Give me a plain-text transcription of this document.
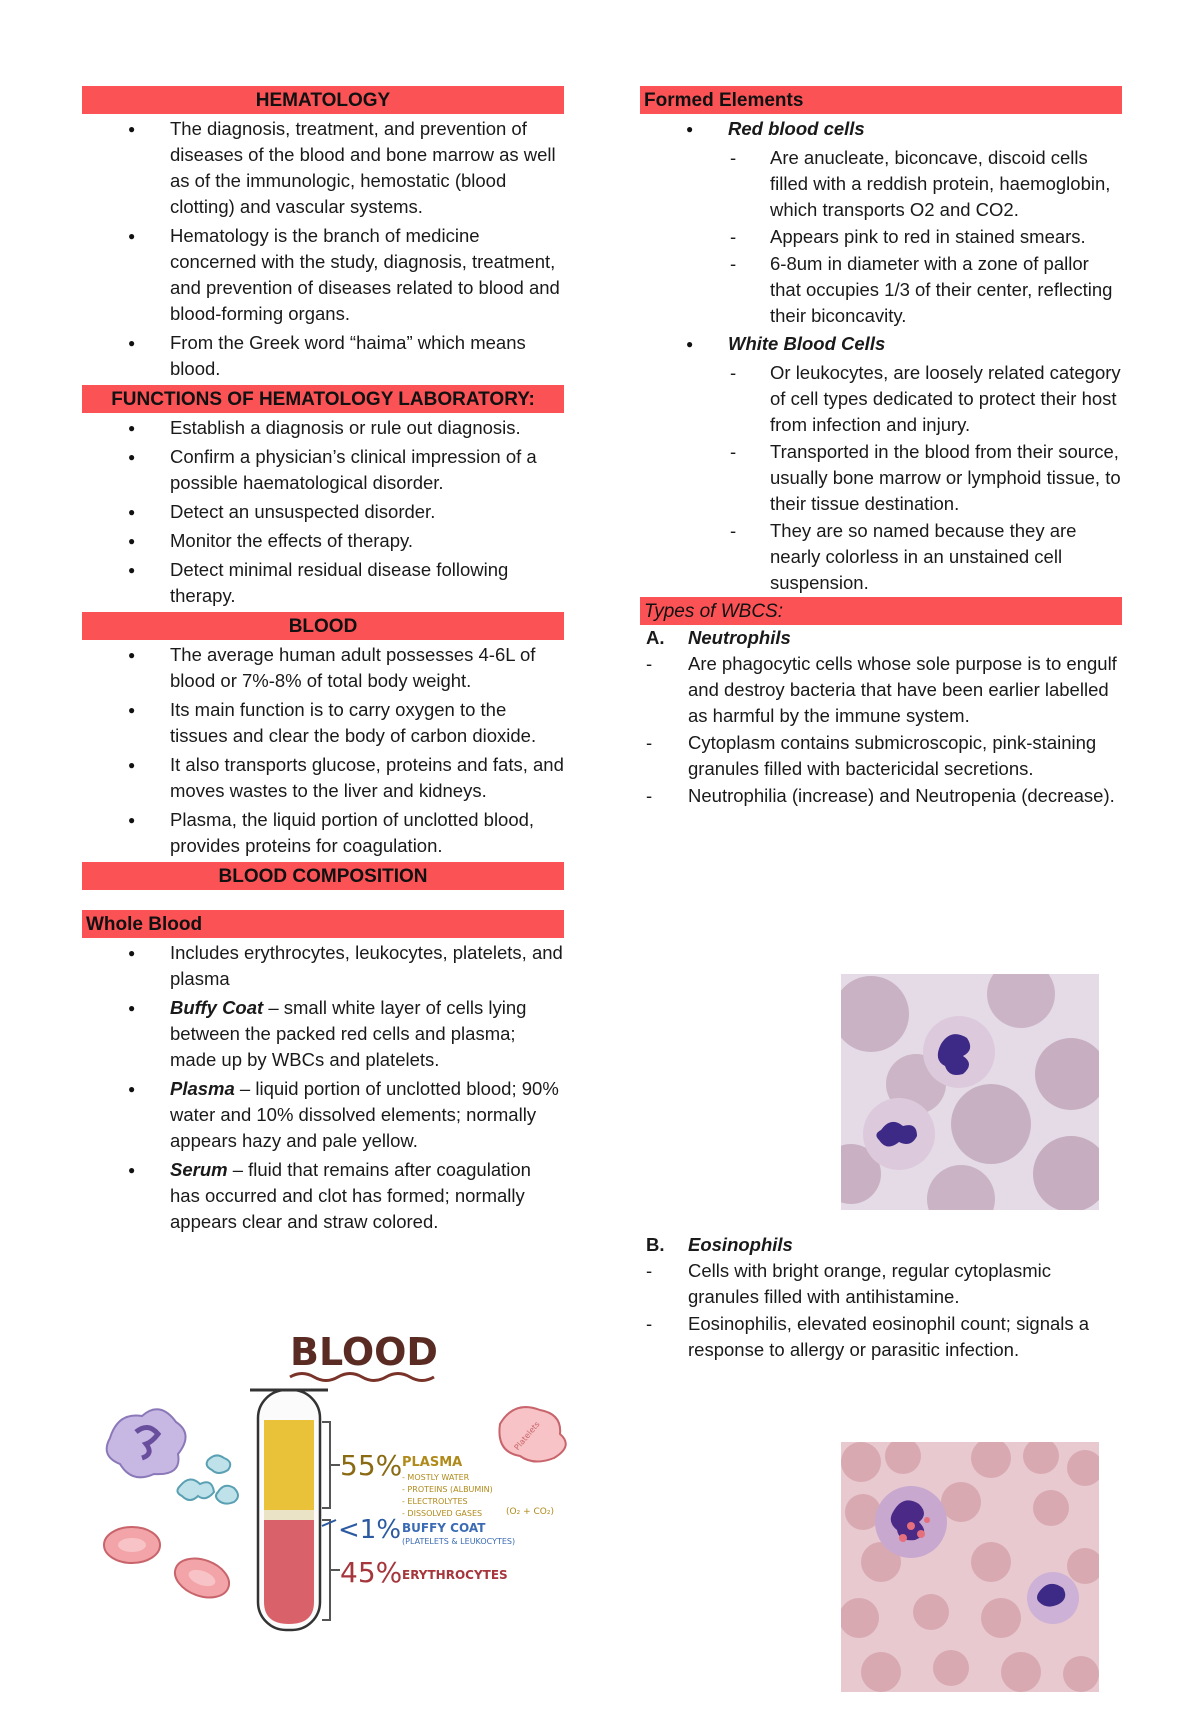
HEMATOLOGY
● The diagnosis, treatment, and prevention of diseases of the blood and bone marrow as well as of the immunologic, hemostatic (blood clotting) and vascular systems.
● Hematology is the branch of medicine concerned with the study, diagnosis, treatment, and prevention of diseases related to blood and blood-forming organs.
● From the Greek word “haima” which means blood.
FUNCTIONS OF HEMATOLOGY LABORATORY:
● Establish a diagnosis or rule out diagnosis.
● Confirm a physician’s clinical impression of a possible haematological disorder.
● Detect an unsuspected disorder.
● Monitor the effects of therapy.
● Detect minimal residual disease following therapy.
BLOOD
● The average human adult possesses 4-6L of blood or 7%-8% of total body weight.
● Its main function is to carry oxygen to the tissues and clear the body of carbon dioxide.
● It also transports glucose, proteins and fats, and moves wastes to the liver and kidneys.
● Plasma, the liquid portion of unclotted blood, provides proteins for coagulation.
BLOOD COMPOSITION
Whole Blood
● Includes erythrocytes, leukocytes, platelets, and plasma
● Buffy Coat – small white layer of cells lying between the packed red cells and plasma; made up by WBCs and platelets.
● Plasma – liquid portion of unclotted blood; 90% water and 10% dissolved elements; normally appears hazy and pale yellow.
● Serum – fluid that remains after coagulation has occurred and clot has formed; normally appears clear and straw colored.
BLOOD
55% PLASMA
- MOSTLY WATER
- PROTEINS (ALBUMIN)
- ELECTROLYTES
- DISSOLVED GASES	(O₂ + CO₂)
<1% BUFFY COAT
(PLATELETS & LEUKOCYTES)
45% ERYTHROCYTES
Platelets
Formed Elements
● Red blood cells
- Are anucleate, biconcave, discoid cells filled with a reddish protein, haemoglobin, which transports O2 and CO2.
- Appears pink to red in stained smears.
- 6-8um in diameter with a zone of pallor that occupies 1/3 of their center, reflecting their biconcavity.
● White Blood Cells
- Or leukocytes, are loosely related category of cell types dedicated to protect their host from infection and injury.
- Transported in the blood from their source, usually bone marrow or lymphoid tissue, to their tissue destination.
- They are so named because they are nearly colorless in an unstained cell suspension.
Types of WBCS:
A. Neutrophils
- Are phagocytic cells whose sole purpose is to engulf and destroy bacteria that have been earlier labelled as harmful by the immune system.
- Cytoplasm contains submicroscopic, pink-staining granules filled with bactericidal secretions.
- Neutrophilia (increase) and Neutropenia (decrease).
B. Eosinophils
- Cells with bright orange, regular cytoplasmic granules filled with antihistamine.
- Eosinophilis, elevated eosinophil count; signals a response to allergy or parasitic infection.
